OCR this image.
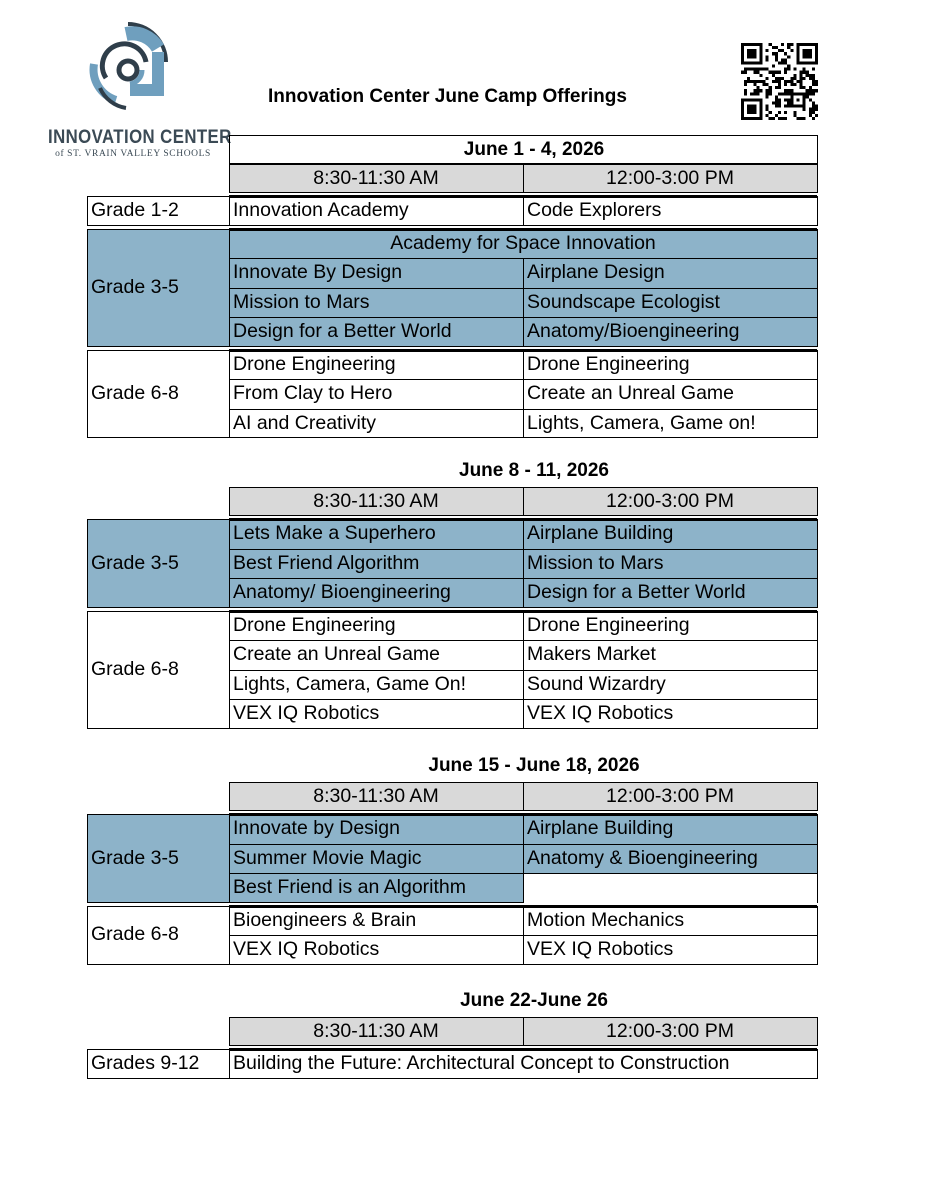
INNOVATION CENTER
of ST. VRAIN VALLEY SCHOOLS
Innovation Center June Camp Offerings
June 1 - 4, 2026
8:30-11:30 AM	12:00-3:00 PM
Grade 1-2	Innovation Academy	Code Explorers
Grade 3-5
Academy for Space Innovation
Innovate By Design	Airplane Design
Mission to Mars	Soundscape Ecologist
Design for a Better World	Anatomy/Bioengineering
Grade 6-8
Drone Engineering	Drone Engineering
From Clay to Hero	Create an Unreal Game
AI and Creativity	Lights, Camera, Game on!
June 8 - 11, 2026
8:30-11:30 AM	12:00-3:00 PM
Grade 3-5
Lets Make a Superhero	Airplane Building
Best Friend Algorithm	Mission to Mars
Anatomy/ Bioengineering	Design for a Better World
Grade 6-8
Drone Engineering	Drone Engineering
Create an Unreal Game	Makers Market
Lights, Camera, Game On!	Sound Wizardry
VEX IQ Robotics	VEX IQ Robotics
June 15 - June 18, 2026
8:30-11:30 AM	12:00-3:00 PM
Grade 3-5
Innovate by Design	Airplane Building
Summer Movie Magic	Anatomy & Bioengineering
Best Friend is an Algorithm
Grade 6-8
Bioengineers & Brain	Motion Mechanics
VEX IQ Robotics	VEX IQ Robotics
June 22-June 26
8:30-11:30 AM	12:00-3:00 PM
Grades 9-12	Building the Future: Architectural Concept to Construction
